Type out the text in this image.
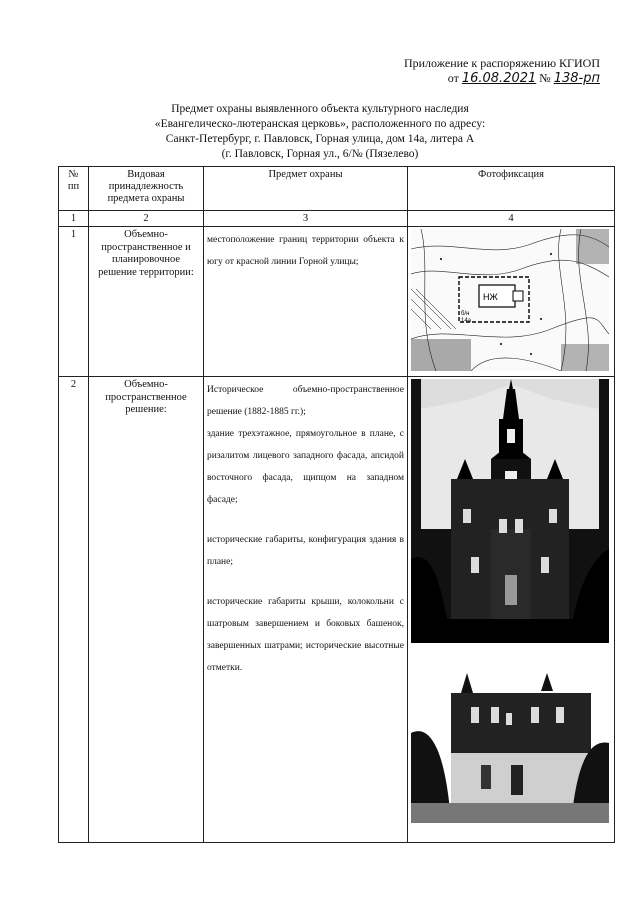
Приложение к распоряжению КГИОП
от 16.08.2021 № 138-рп
Предмет охраны выявленного объекта культурного наследия
«Евангелическо-лютеранская церковь», расположенного по адресу:
Санкт-Петербург, г. Павловск, Горная улица, дом 14а, литера А
(г. Павловск, Горная ул., 6/№ (Пязелево)
№ пп	Видовая принадлежность предмета охраны	Предмет охраны	Фотофиксация
1	2	3	4
1	Объемно-пространственное и планировочное решение территории:	местоположение границ территории объекта к югу от красной линии Горной улицы;	НЖ
б/н
14а

2	Объемно-пространственное решение:	Историческое объемно-пространственное решение (1882-1885 гг.);

здание трехэтажное, прямоугольное в плане, с ризалитом лицевого западного фасада, апсидой восточного фасада, щипцом на западном фасаде;

исторические габариты, конфигурация здания в плане;

исторические габариты крыши, колокольни с шатровым завершением и боковых башенок, завершенных шатрами; исторические высотные отметки.
